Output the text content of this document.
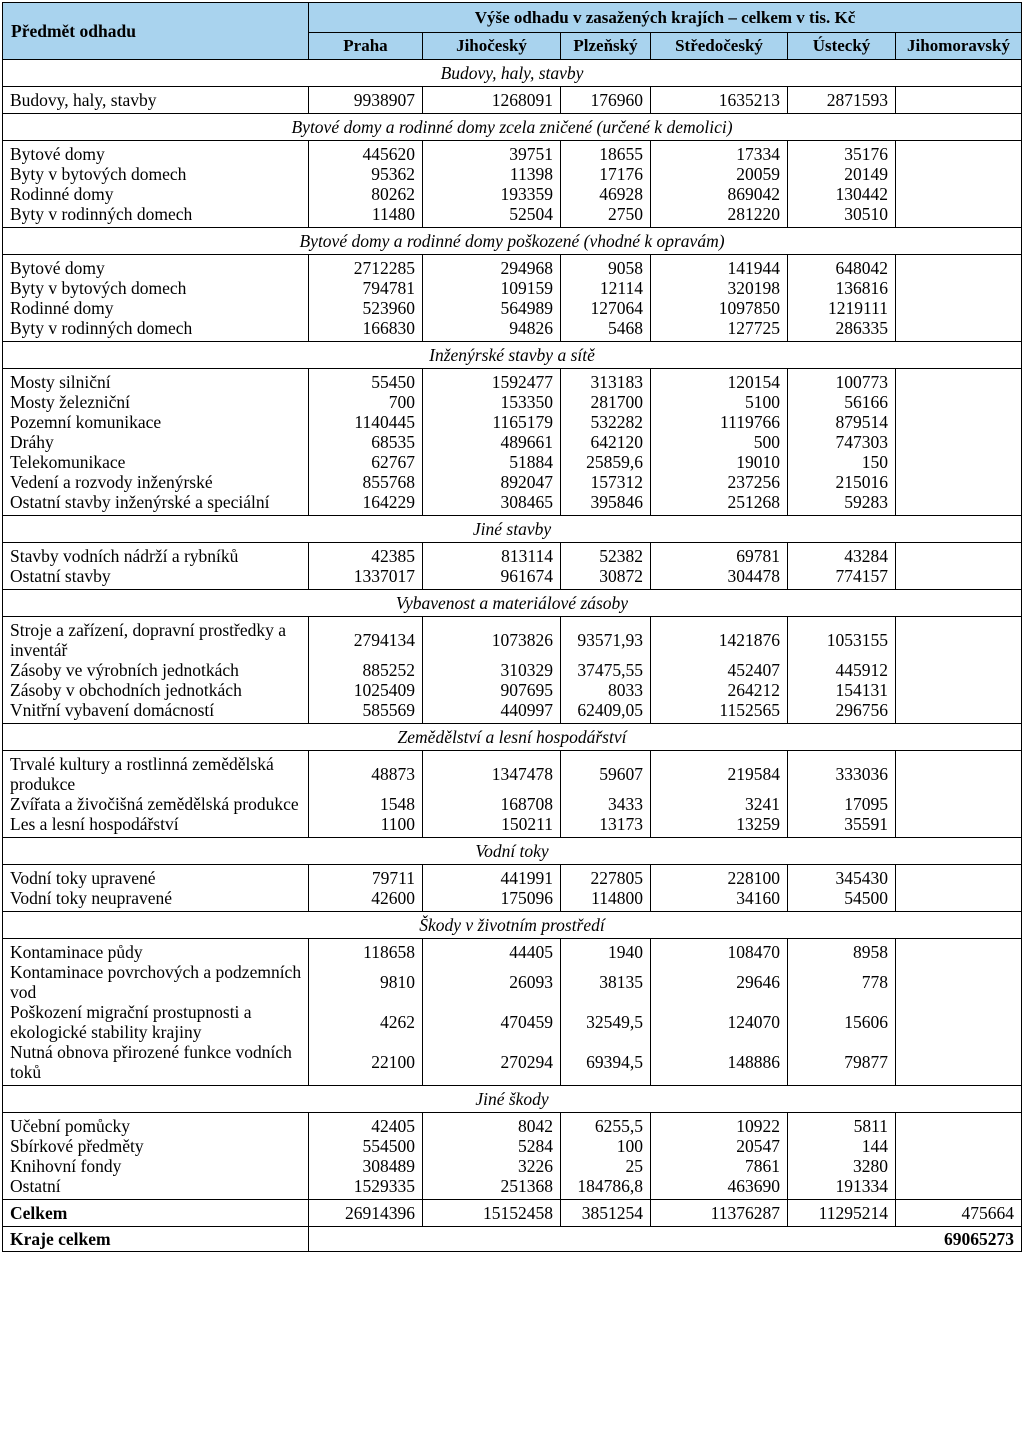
Předmět odhadu	Výše odhadu v zasažených krajích – celkem v tis. Kč					
	Praha	Jihočeský	Plzeňský	Středočeský	Ústecký	Jihomoravský
Budovy, haly, stavby						
Budovy, haly, stavby	9938907	1268091	176960	1635213	2871593	
Bytové domy a rodinné domy zcela zničené (určené k demolici)						
Bytové domy	445620	39751	18655	17334	35176	
Byty v bytových domech	95362	11398	17176	20059	20149	
Rodinné domy	80262	193359	46928	869042	130442	
Byty v rodinných domech	11480	52504	2750	281220	30510	
Bytové domy a rodinné domy poškozené (vhodné k opravám)						
Bytové domy	2712285	294968	9058	141944	648042	
Byty v bytových domech	794781	109159	12114	320198	136816	
Rodinné domy	523960	564989	127064	1097850	1219111	
Byty v rodinných domech	166830	94826	5468	127725	286335	
Inženýrské stavby a sítě						
Mosty silniční	55450	1592477	313183	120154	100773	
Mosty železniční	700	153350	281700	5100	56166	
Pozemní komunikace	1140445	1165179	532282	1119766	879514	
Dráhy	68535	489661	642120	500	747303	
Telekomunikace	62767	51884	25859,6	19010	150	
Vedení a rozvody inženýrské	855768	892047	157312	237256	215016	
Ostatní stavby inženýrské a speciální	164229	308465	395846	251268	59283	
Jiné stavby						
Stavby vodních nádrží a rybníků	42385	813114	52382	69781	43284	
Ostatní stavby	1337017	961674	30872	304478	774157	
Vybavenost a materiálové zásoby						
Stroje a zařízení, dopravní prostředky a inventář	2794134	1073826	93571,93	1421876	1053155	
Zásoby ve výrobních jednotkách	885252	310329	37475,55	452407	445912	
Zásoby v obchodních jednotkách	1025409	907695	8033	264212	154131	
Vnitřní vybavení domácností	585569	440997	62409,05	1152565	296756	
Zemědělství a lesní hospodářství						
Trvalé kultury a rostlinná zemědělská produkce	48873	1347478	59607	219584	333036	
Zvířata a živočišná zemědělská produkce	1548	168708	3433	3241	17095	
Les a lesní hospodářství	1100	150211	13173	13259	35591	
Vodní toky						
Vodní toky upravené	79711	441991	227805	228100	345430	
Vodní toky neupravené	42600	175096	114800	34160	54500	
Škody v životním prostředí						
Kontaminace půdy	118658	44405	1940	108470	8958	
Kontaminace povrchových a podzemních vod	9810	26093	38135	29646	778	
Poškození migrační prostupnosti a ekologické stability krajiny	4262	470459	32549,5	124070	15606	
Nutná obnova přirozené funkce vodních toků	22100	270294	69394,5	148886	79877	
Jiné škody						
Učební pomůcky	42405	8042	6255,5	10922	5811	
Sbírkové předměty	554500	5284	100	20547	144	
Knihovní fondy	308489	3226	25	7861	3280	
Ostatní	1529335	251368	184786,8	463690	191334	
Celkem	26914396	15152458	3851254	11376287	11295214	475664
Kraje celkem	69065273					
